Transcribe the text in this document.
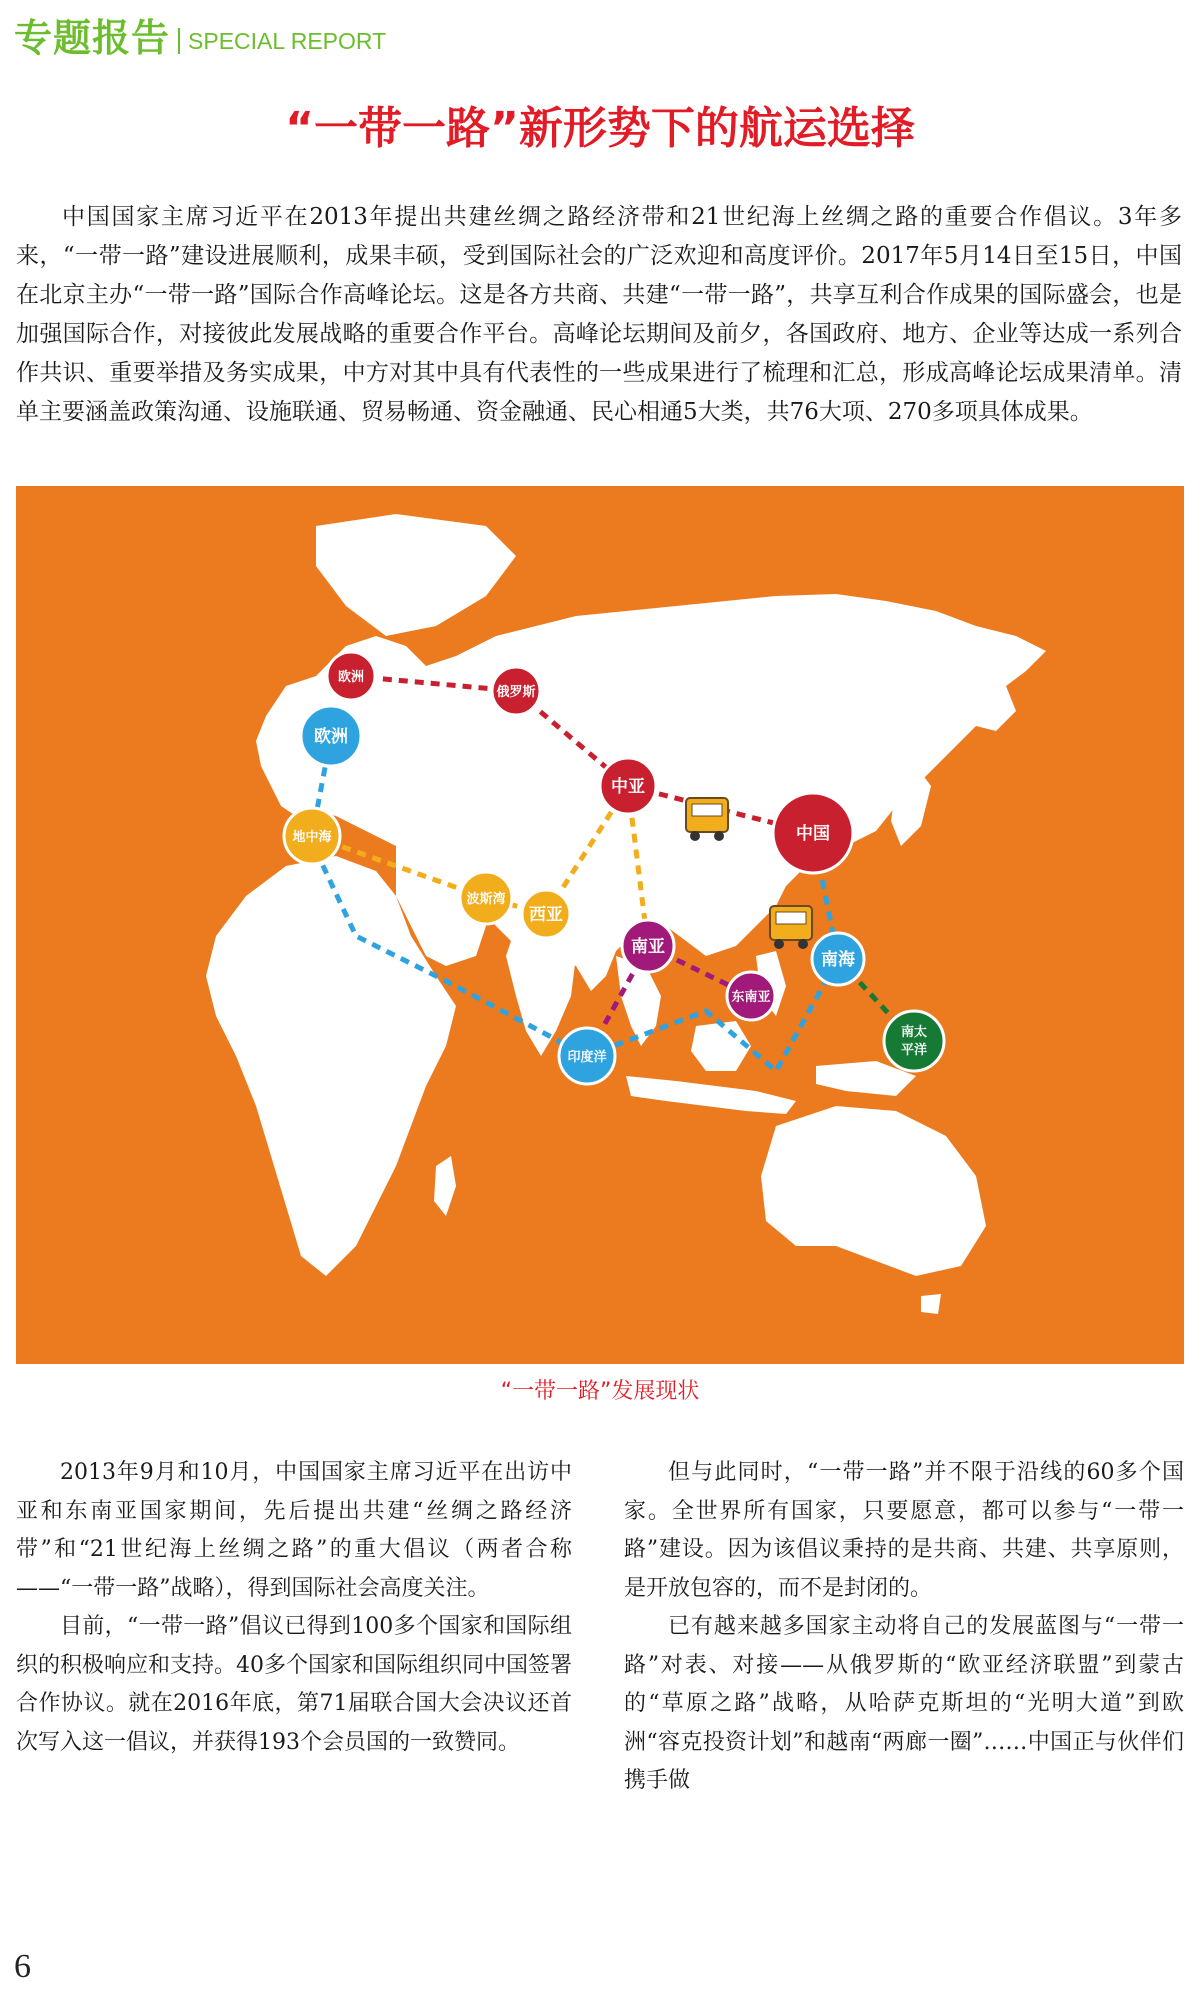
专题报告 SPECIAL REPORT
“一带一路”新形势下的航运选择

中国国家主席习近平在2013年提出共建丝绸之路经济带和21世纪海上丝绸之路的重要合作倡议。3年多来，“一带一路”建设进展顺利，成果丰硕，受到国际社会的广泛欢迎和高度评价。2017年5月14日至15日，中国在北京主办“一带一路”国际合作高峰论坛。这是各方共商、共建“一带一路”，共享互利合作成果的国际盛会，也是加强国际合作，对接彼此发展战略的重要合作平台。高峰论坛期间及前夕，各国政府、地方、企业等达成一系列合作共识、重要举措及务实成果，中方对其中具有代表性的一些成果进行了梳理和汇总，形成高峰论坛成果清单。清单主要涵盖政策沟通、设施联通、贸易畅通、资金融通、民心相通5大类，共76大项、270多项具体成果。

欧洲
俄罗斯
中亚
中国
欧洲
地中海
波斯湾
西亚
南亚
东南亚
南海
南太
平洋
印度洋
“一带一路”发展现状

2013年9月和10月，中国国家主席习近平在出访中亚和东南亚国家期间，先后提出共建“丝绸之路经济带”和“21世纪海上丝绸之路”的重大倡议（两者合称——“一带一路”战略），得到国际社会高度关注。

目前，“一带一路”倡议已得到100多个国家和国际组织的积极响应和支持。40多个国家和国际组织同中国签署合作协议。就在2016年底，第71届联合国大会决议还首次写入这一倡议，并获得193个会员国的一致赞同。

但与此同时，“一带一路”并不限于沿线的60多个国家。全世界所有国家，只要愿意，都可以参与“一带一路”建设。因为该倡议秉持的是共商、共建、共享原则，是开放包容的，而不是封闭的。

已有越来越多国家主动将自己的发展蓝图与“一带一路”对表、对接——从俄罗斯的“欧亚经济联盟”到蒙古的“草原之路”战略，从哈萨克斯坦的“光明大道”到欧洲“容克投资计划”和越南“两廊一圈”……中国正与伙伴们携手做

6
